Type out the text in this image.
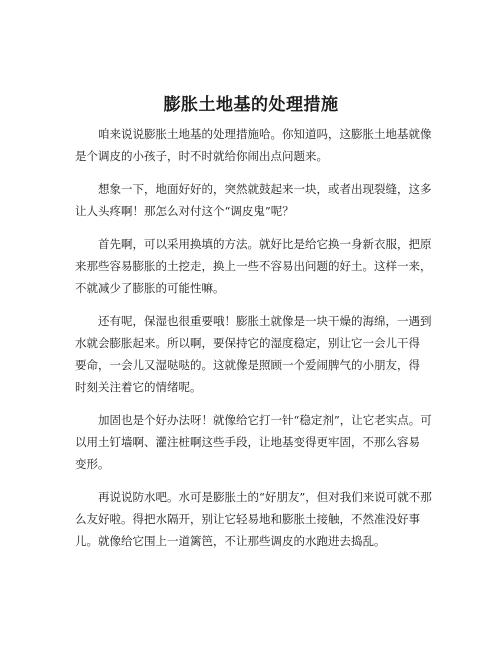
膨胀土地基的处理措施

　　咱来说说膨胀土地基的处理措施哈。你知道吗，这膨胀土地基就像
是个调皮的小孩子，时不时就给你闹出点问题来。

　　想象一下，地面好好的，突然就鼓起来一块，或者出现裂缝，这多
让人头疼啊！那怎么对付这个“调皮鬼”呢？

　　首先啊，可以采用换填的方法。就好比是给它换一身新衣服，把原
来那些容易膨胀的土挖走，换上一些不容易出问题的好土。这样一来，
不就减少了膨胀的可能性嘛。

　　还有呢，保湿也很重要哦！膨胀土就像是一块干燥的海绵，一遇到
水就会膨胀起来。所以啊，要保持它的湿度稳定，别让它一会儿干得
要命，一会儿又湿哒哒的。这就像是照顾一个爱闹脾气的小朋友，得
时刻关注着它的情绪呢。

　　加固也是个好办法呀！就像给它打一针“稳定剂”，让它老实点。可
以用土钉墙啊、灌注桩啊这些手段，让地基变得更牢固，不那么容易
变形。

　　再说说防水吧。水可是膨胀土的“好朋友”，但对我们来说可就不那
么友好啦。得把水隔开，别让它轻易地和膨胀土接触，不然准没好事
儿。就像给它围上一道篱笆，不让那些调皮的水跑进去捣乱。
